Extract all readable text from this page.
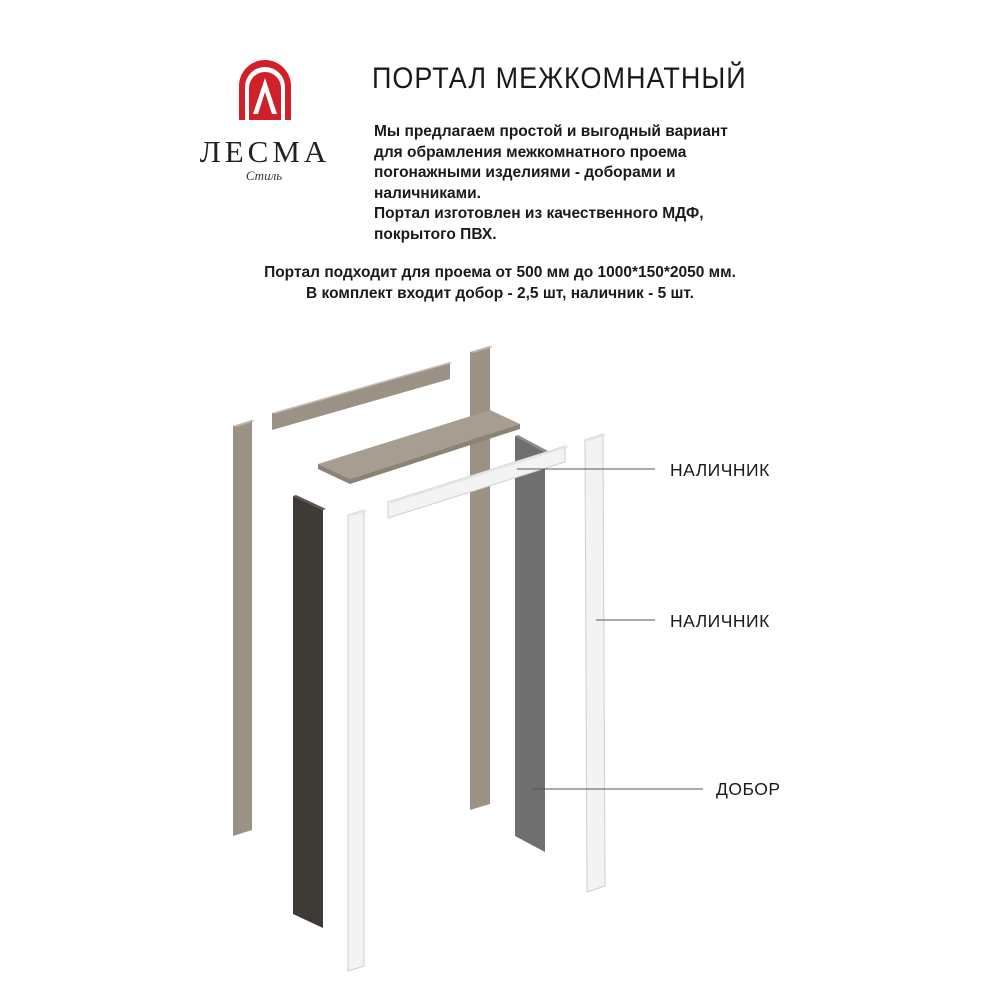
ЛЕСМА
Стиль
ПОРТАЛ МЕЖКОМНАТНЫЙ

Мы предлагаем простой и выгодный вариант
для обрамления межкомнатного проема
погонажными изделиями - доборами и
наличниками.
Портал изготовлен из качественного МДФ,
покрытого ПВХ.

Портал подходит для проема от 500 мм до 1000*150*2050 мм.

В комплект входит добор - 2,5 шт, наличник - 5 шт.

НАЛИЧНИК
НАЛИЧНИК
ДОБОР
